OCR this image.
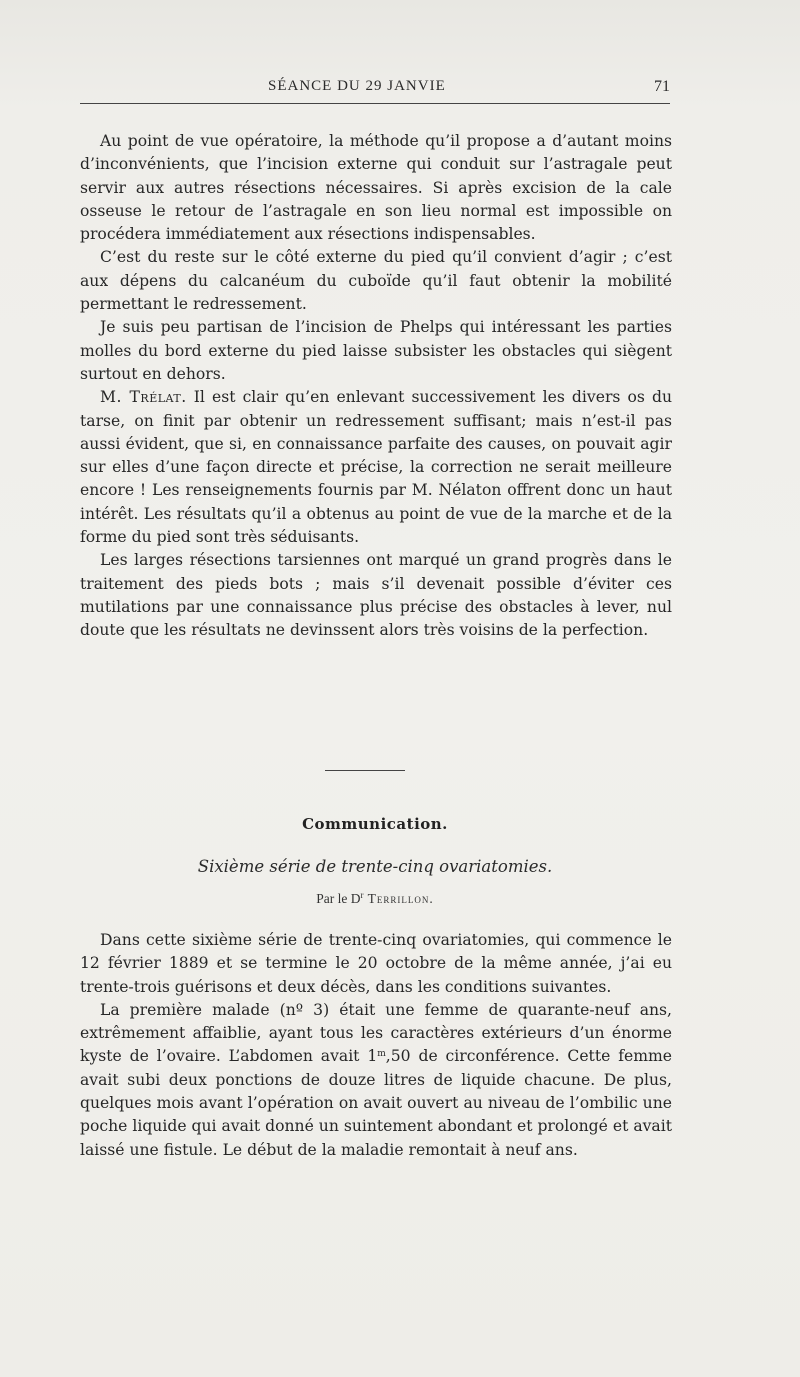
SÉANCE DU 29 JANVIE	71

Au point de vue opératoire, la méthode qu’il propose a d’autant moins d’inconvénients, que l’incision externe qui conduit sur l’astragale peut servir aux autres résections nécessaires. Si après excision de la cale osseuse le retour de l’astragale en son lieu normal est impossible on procédera immédiatement aux résections indispensables.

C’est du reste sur le côté externe du pied qu’il convient d’agir ; c’est aux dépens du calcanéum du cuboïde qu’il faut obtenir la mobilité permettant le redressement.

Je suis peu partisan de l’incision de Phelps qui intéressant les parties molles du bord externe du pied laisse subsister les obstacles qui siègent surtout en dehors.

M. Trélat. Il est clair qu’en enlevant successivement les divers os du tarse, on finit par obtenir un redressement suffisant; mais n’est-il pas aussi évident, que si, en connaissance parfaite des causes, on pouvait agir sur elles d’une façon directe et précise, la correction ne serait meilleure encore ! Les renseignements fournis par M. Nélaton offrent donc un haut intérêt. Les résultats qu’il a obtenus au point de vue de la marche et de la forme du pied sont très séduisants.

Les larges résections tarsiennes ont marqué un grand progrès dans le traitement des pieds bots ; mais s’il devenait possible d’éviter ces mutilations par une connaissance plus précise des obstacles à lever, nul doute que les résultats ne devinssent alors très voisins de la perfection.

Communication.
Sixième série de trente-cinq ovariatomies.
Par le $D^r$ Terrillon.

Dans cette sixième série de trente-cinq ovariatomies, qui commence le 12 février 1889 et se termine le 20 octobre de la même année, j’ai eu trente-trois guérisons et deux décès, dans les conditions suivantes.

La première malade (nº 3) était une femme de quarante-neuf ans, extrêmement affaiblie, ayant tous les caractères extérieurs d’un énorme kyste de l’ovaire. L’abdomen avait 1$^m$,50 de circonférence. Cette femme avait subi deux ponctions de douze litres de liquide chacune. De plus, quelques mois avant l’opération on avait ouvert au niveau de l’ombilic une poche liquide qui avait donné un suintement abondant et prolongé et avait laissé une fistule. Le début de la maladie remontait à neuf ans.
